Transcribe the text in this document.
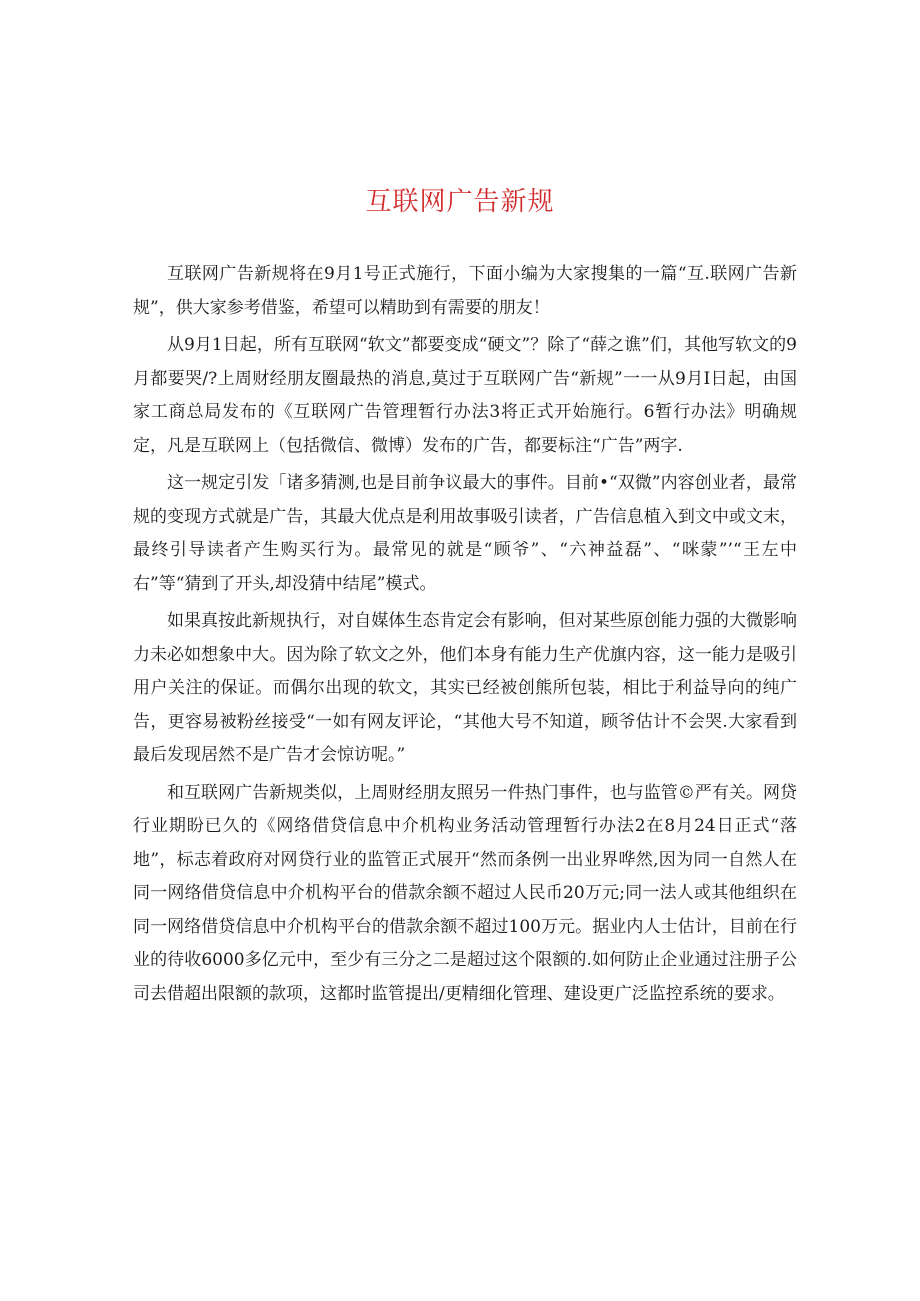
互联网广告新规

互联网广告新规将在9月1号正式施行，下面小编为大家搜集的一篇“互.联网广告新规”，供大家参考借鉴，希望可以精助到有需要的朋友！

从9月1日起，所有互联网“软文”都要变成“硬文”？除了“薛之谯”们，其他写软文的9月都要哭/?上周财经朋友圈最热的消息,莫过于互联网广告“新规”一一从9月I日起，由国家工商总局发布的《互联网广告管理暂行办法3将正式开始施行。6暂行办法》明确规定，凡是互联网上（包括微信、微博）发布的广告，都要标注“广告”两字.

这一规定引发「诸多猜测,也是目前争议最大的事件。目前•“双微”内容创业者，最常规的变现方式就是广告，其最大优点是利用故事吸引读者，广告信息植入到文中或文末，最终引导读者产生购买行为。最常见的就是“顾爷”、“六神益磊”、“咪蒙”’“王左中右”等“猜到了开头,却没猜中结尾”模式。

如果真按此新规执行，对自媒体生态肯定会有影响，但对某些原创能力强的大微影响力未必如想象中大。因为除了软文之外，他们本身有能力生产优旗内容，这一能力是吸引用户关注的保证。而偶尔出现的软文，其实已经被创熊所包装，相比于利益导向的纯广告，更容易被粉丝接受“一如有网友评论，“其他大号不知道，顾爷估计不会哭.大家看到最后发现居然不是广告才会惊访呢。”

和互联网广告新规类似，上周财经朋友照另一件热门事件，也与监管©严有关。网贷行业期盼已久的《网络借贷信息中介机构业务活动管理暂行办法2在8月24日正式“落地”，标志着政府对网贷行业的监管正式展开“然而条例一出业界哗然,因为同一自然人在同一网络借贷信息中介机构平台的借款余额不超过人民币20万元;同一法人或其他组织在同一网络借贷信息中介机构平台的借款余额不超过100万元。据业内人士估计，目前在行业的待收6000多亿元中，至少有三分之二是超过这个限额的.如何防止企业通过注册子公司去借超出限额的款项，这都时监管提出/更精细化管理、建设更广泛监控系统的要求。
